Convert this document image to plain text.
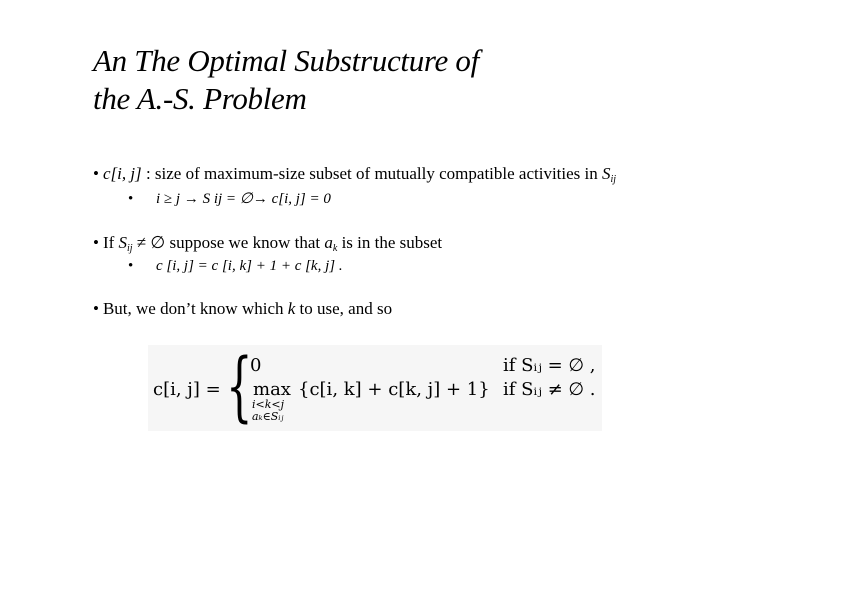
An The Optimal Substructure of
the A.-S. Problem
• c[i, j] : size of maximum-size subset of mutually compatible activities in $S_{ij}$
• i ≥ j → S ij = ∅→ c[i, j] = 0
• If $S_{ij}$ ≠ ∅ suppose we know that $a_k$ is in the subset
• c [i, j] = c [i, k] + 1 + c [k, j] .
• But, we don’t know which k to use, and so
c[i, j] = {
0
max
i<k<j
aₖ∈Sᵢⱼ
{c[i, k] + c[k, j] + 1}
if Sᵢⱼ = ∅ ,
if Sᵢⱼ ≠ ∅ .
